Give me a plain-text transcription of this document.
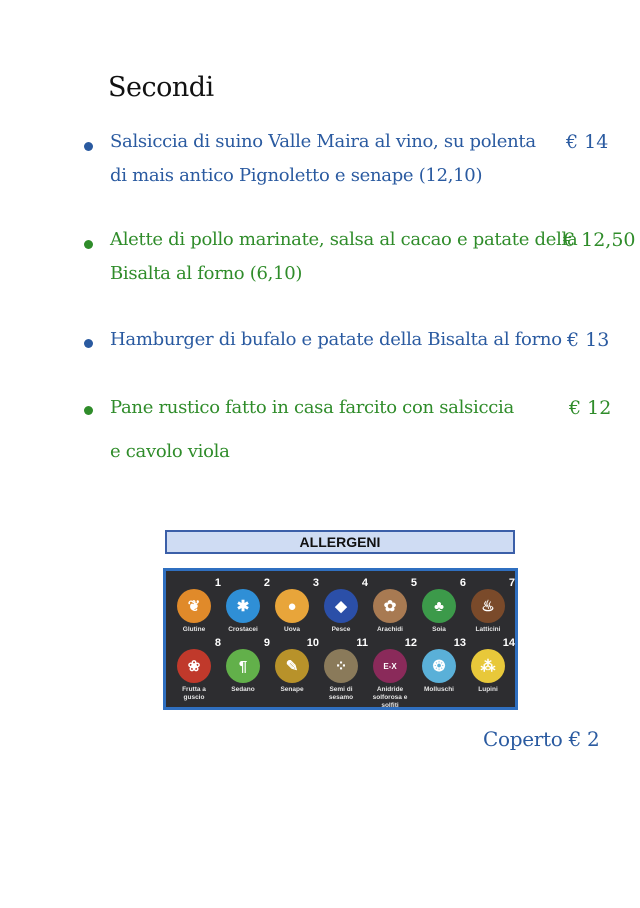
Secondi
Salsiccia di suino Valle Maira al vino, su polenta
di mais antico Pignoletto e senape (12,10)
€ 14
Alette di pollo marinate, salsa al cacao e patate della
Bisalta al forno (6,10)
€ 12,50
Hamburger di bufalo e patate della Bisalta al forno € 13
Pane rustico fatto in casa farcito con salsiccia
e cavolo viola
€ 12
ALLERGENI
❦
1
Glutine
✱
2
Crostacei
●
3
Uova
◆
4
Pesce
✿
5
Arachidi
♣
6
Soia
♨
7
Latticini
❀
8
Frutta a guscio
¶
9
Sedano
✎
10
Senape
⁘
11
Semi di sesamo
E-X
12
Anidride solforosa e solfiti
❂
13
Molluschi
⁂
14
Lupini
Coperto € 2
